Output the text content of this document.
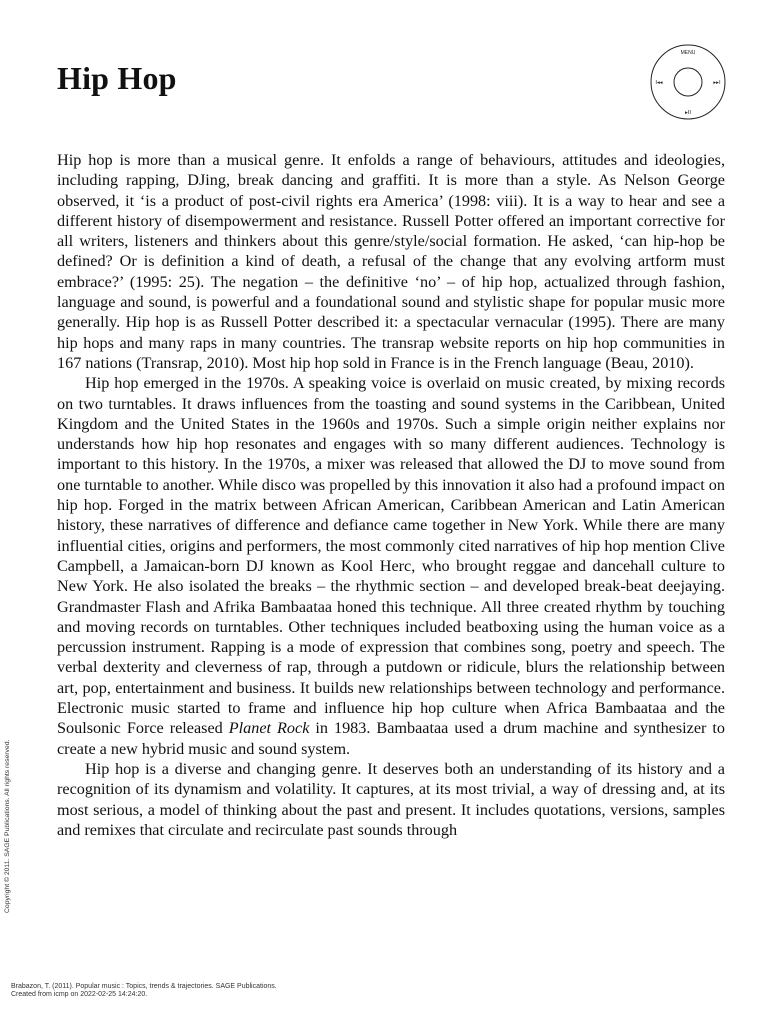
Hip Hop
MENU
I◂◂	▸▸I
▸II

Hip hop is more than a musical genre. It enfolds a range of behaviours, attitudes and ideologies, including rapping, DJing, break dancing and graffiti. It is more than a style. As Nelson George observed, it ‘is a product of post-civil rights era America’ (1998: viii). It is a way to hear and see a different history of disempowerment and resistance. Russell Potter offered an important corrective for all writers, listeners and thinkers about this genre/style/social formation. He asked, ‘can hip-hop be defined? Or is definition a kind of death, a refusal of the change that any evolving artform must embrace?’ (1995: 25). The negation – the definitive ‘no’ – of hip hop, actualized through fashion, language and sound, is powerful and a foundational sound and stylistic shape for popular music more generally. Hip hop is as Russell Potter described it: a spectacular vernacular (1995). There are many hip hops and many raps in many countries. The transrap website reports on hip hop communities in 167 nations (Transrap, 2010). Most hip hop sold in France is in the French language (Beau, 2010).

Hip hop emerged in the 1970s. A speaking voice is overlaid on music created, by mixing records on two turntables. It draws influences from the toasting and sound systems in the Caribbean, United Kingdom and the United States in the 1960s and 1970s. Such a simple origin neither explains nor understands how hip hop resonates and engages with so many different audiences. Technology is important to this history. In the 1970s, a mixer was released that allowed the DJ to move sound from one turntable to another. While disco was propelled by this innovation it also had a profound impact on hip hop. Forged in the matrix between African American, Caribbean American and Latin American history, these narratives of difference and defiance came together in New York. While there are many influential cities, origins and performers, the most commonly cited narratives of hip hop mention Clive Campbell, a Jamaican-born DJ known as Kool Herc, who brought reggae and dancehall culture to New York. He also isolated the breaks – the rhythmic section – and developed break-beat deejaying. Grandmaster Flash and Afrika Bambaataa honed this technique. All three created rhythm by touching and moving records on turntables. Other techniques included beatboxing using the human voice as a percussion instrument. Rapping is a mode of expression that combines song, poetry and speech. The verbal dexterity and cleverness of rap, through a putdown or ridicule, blurs the relationship between art, pop, entertainment and business. It builds new relationships between technology and performance. Electronic music started to frame and influence hip hop culture when Africa Bambaataa and the Soulsonic Force released Planet Rock in 1983. Bambaataa used a drum machine and synthesizer to create a new hybrid music and sound system.

Hip hop is a diverse and changing genre. It deserves both an understanding of its history and a recognition of its dynamism and volatility. It captures, at its most trivial, a way of dressing and, at its most serious, a model of thinking about the past and present. It includes quotations, versions, samples and remixes that circulate and recirculate past sounds through

Copyright © 2011. SAGE Publications. All rights reserved.
Brabazon, T. (2011). Popular music : Topics, trends & trajectories. SAGE Publications.
Created from icmp on 2022-02-25 14:24:20.
